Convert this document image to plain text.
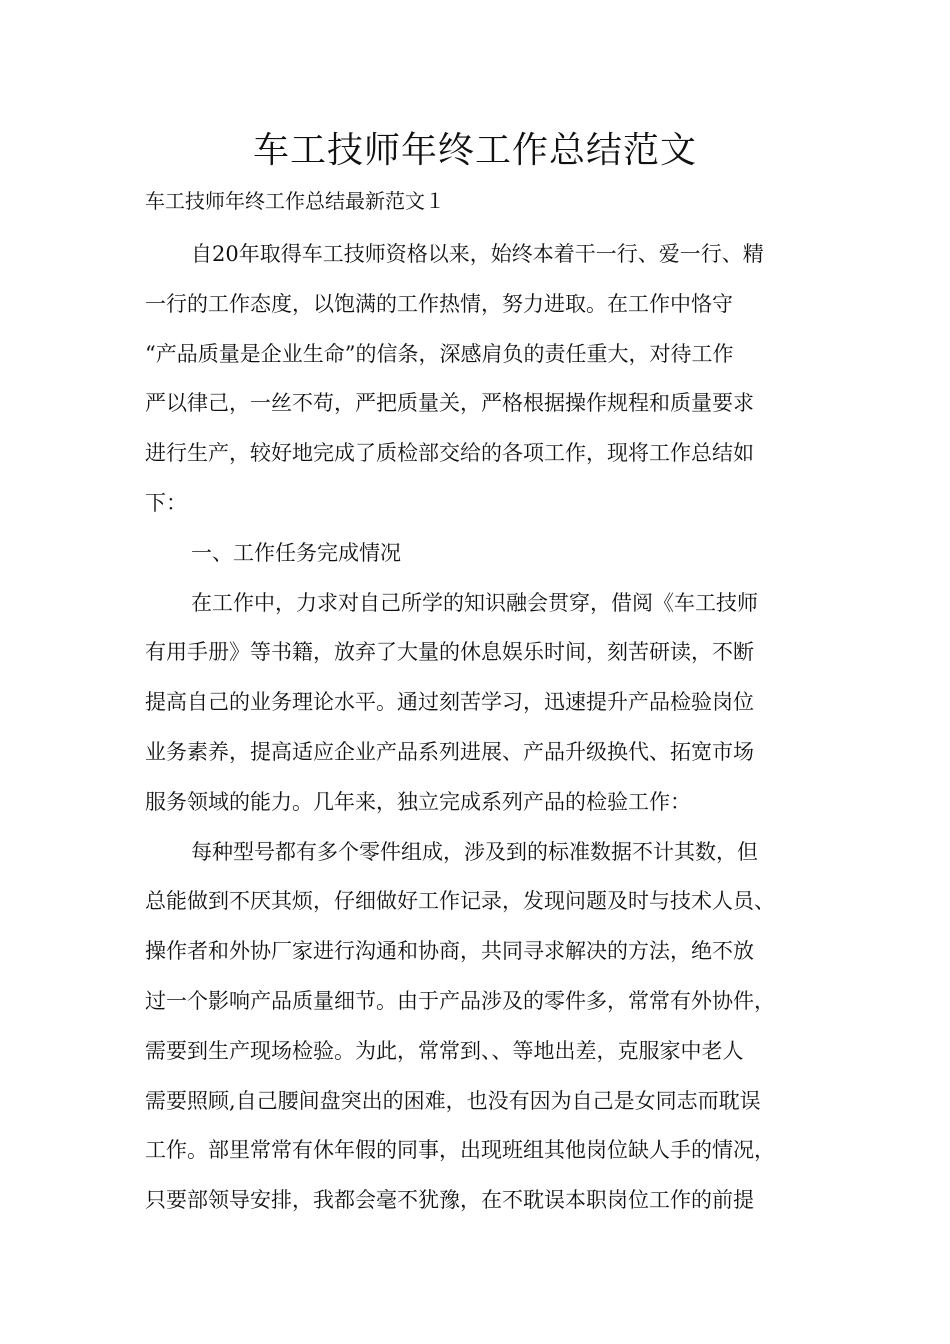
车工技师年终工作总结范文

车工技师年终工作总结最新范文１

自20年取得车工技师资格以来，始终本着干一行、爱一行、精

一行的工作态度，以饱满的工作热情，努力进取。在工作中恪守

“产品质量是企业生命”的信条，深感肩负的责任重大，对待工作

严以律己，一丝不苟，严把质量关，严格根据操作规程和质量要求

进行生产，较好地完成了质检部交给的各项工作，现将工作总结如

下：

一、工作任务完成情况

在工作中，力求对自己所学的知识融会贯穿，借阅《车工技师

有用手册》等书籍，放弃了大量的休息娱乐时间，刻苦研读，不断

提高自己的业务理论水平。通过刻苦学习，迅速提升产品检验岗位

业务素养，提高适应企业产品系列进展、产品升级换代、拓宽市场

服务领域的能力。几年来，独立完成系列产品的检验工作：

每种型号都有多个零件组成，涉及到的标准数据不计其数，但

总能做到不厌其烦，仔细做好工作记录，发现问题及时与技术人员、

操作者和外协厂家进行沟通和协商，共同寻求解决的方法，绝不放

过一个影响产品质量细节。由于产品涉及的零件多，常常有外协件，

需要到生产现场检验。为此，常常到、、等地出差，克服家中老人

需要照顾,自己腰间盘突出的困难，也没有因为自己是女同志而耽误

工作。部里常常有休年假的同事，出现班组其他岗位缺人手的情况，

只要部领导安排，我都会毫不犹豫，在不耽误本职岗位工作的前提
